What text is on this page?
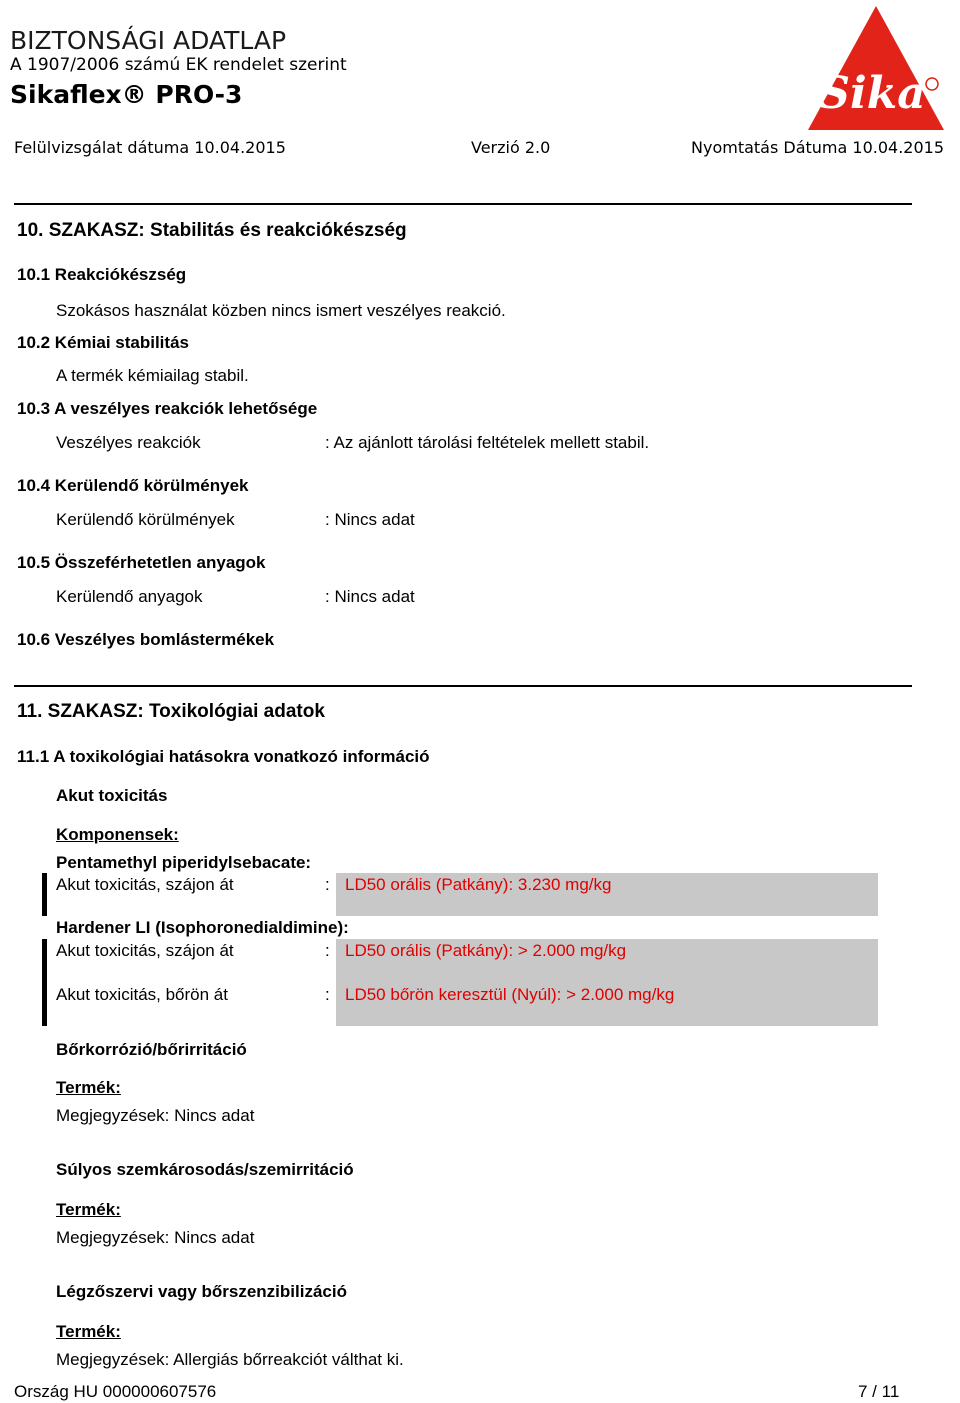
BIZTONSÁGI ADATLAP
A 1907/2006 számú EK rendelet szerint
Sikaflex® PRO-3	Sika
Felülvizsgálat dátuma 10.04.2015	Verzió 2.0	Nyomtatás Dátuma 10.04.2015
10. SZAKASZ: Stabilitás és reakciókészség
10.1 Reakciókészség
Szokásos használat közben nincs ismert veszélyes reakció.
10.2 Kémiai stabilitás
A termék kémiailag stabil.
10.3 A veszélyes reakciók lehetősége
Veszélyes reakciók	: Az ajánlott tárolási feltételek mellett stabil.
10.4 Kerülendő körülmények
Kerülendő körülmények	: Nincs adat
10.5 Összeférhetetlen anyagok
Kerülendő anyagok	: Nincs adat
10.6 Veszélyes bomlástermékek
11. SZAKASZ: Toxikológiai adatok
11.1 A toxikológiai hatásokra vonatkozó információ
Akut toxicitás
Komponensek:
Pentamethyl piperidylsebacate:
Akut toxicitás, szájon át	: LD50 orális (Patkány): 3.230 mg/kg
Hardener LI (Isophoronedialdimine):
Akut toxicitás, szájon át	: LD50 orális (Patkány): > 2.000 mg/kg
Akut toxicitás, bőrön át	: LD50 bőrön keresztül (Nyúl): > 2.000 mg/kg
Bőrkorrózió/bőrirritáció
Termék:
Megjegyzések: Nincs adat
Súlyos szemkárosodás/szemirritáció
Termék:
Megjegyzések: Nincs adat
Légzőszervi vagy bőrszenzibilizáció
Termék:
Megjegyzések: Allergiás bőrreakciót válthat ki.
Ország HU 000000607576	7 / 11
